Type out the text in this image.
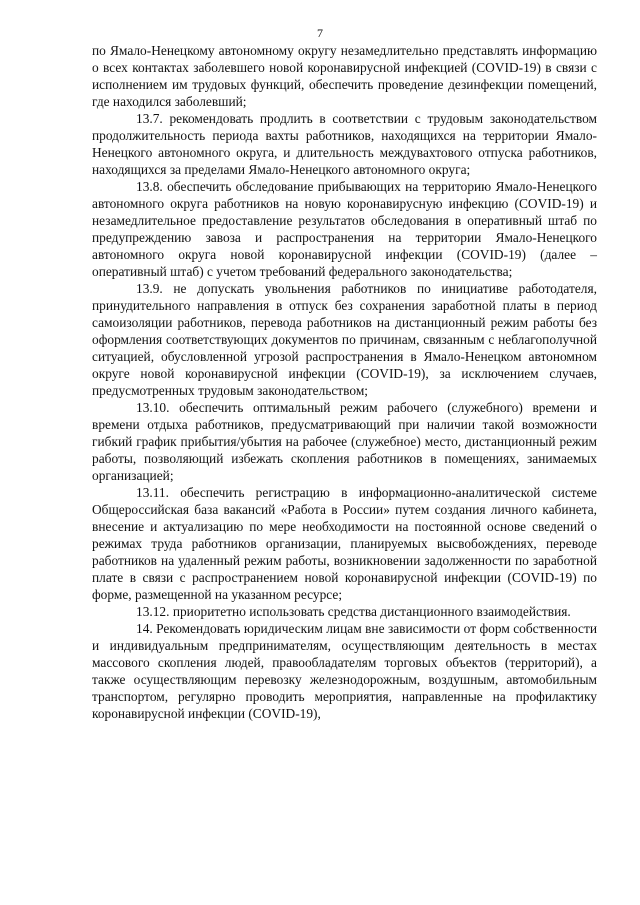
7

по Ямало-Ненецкому автономному округу незамедлительно представлять информацию о всех контактах заболевшего новой коронавирусной инфекцией (COVID-19) в связи с исполнением им трудовых функций, обеспечить проведение дезинфекции помещений, где находился заболевший;

13.7. рекомендовать продлить в соответствии с трудовым законодательством продолжительность периода вахты работников, находящихся на территории Ямало-Ненецкого автономного округа, и длительность междувахтового отпуска работников, находящихся за пределами Ямало-Ненецкого автономного округа;

13.8. обеспечить обследование прибывающих на территорию Ямало-Ненецкого автономного округа работников на новую коронавирусную инфекцию (COVID-19) и незамедлительное предоставление результатов обследования в оперативный штаб по предупреждению завоза и распространения на территории Ямало-Ненецкого автономного округа новой коронавирусной инфекции (COVID-19) (далее – оперативный штаб) с учетом требований федерального законодательства;

13.9. не допускать увольнения работников по инициативе работодателя, принудительного направления в отпуск без сохранения заработной платы в период самоизоляции работников, перевода работников на дистанционный режим работы без оформления соответствующих документов по причинам, связанным с неблагополучной ситуацией, обусловленной угрозой распространения в Ямало-Ненецком автономном округе новой коронавирусной инфекции (COVID-19), за исключением случаев, предусмотренных трудовым законодательством;

13.10. обеспечить оптимальный режим рабочего (служебного) времени и времени отдыха работников, предусматривающий при наличии такой возможности гибкий график прибытия/убытия на рабочее (служебное) место, дистанционный режим работы, позволяющий избежать скопления работников в помещениях, занимаемых организацией;

13.11. обеспечить регистрацию в информационно-аналитической системе Общероссийская база вакансий «Работа в России» путем создания личного кабинета, внесение и актуализацию по мере необходимости на постоянной основе сведений о режимах труда работников организации, планируемых высвобождениях, переводе работников на удаленный режим работы, возникновении задолженности по заработной плате в связи с распространением новой коронавирусной инфекции (COVID-19) по форме, размещенной на указанном ресурсе;

13.12. приоритетно использовать средства дистанционного взаимодействия.

14. Рекомендовать юридическим лицам вне зависимости от форм собственности и индивидуальным предпринимателям, осуществляющим деятельность в местах массового скопления людей, правообладателям торговых объектов (территорий), а также осуществляющим перевозку железнодорожным, воздушным, автомобильным транспортом, регулярно проводить мероприятия, направленные на профилактику коронавирусной инфекции (COVID-19),
